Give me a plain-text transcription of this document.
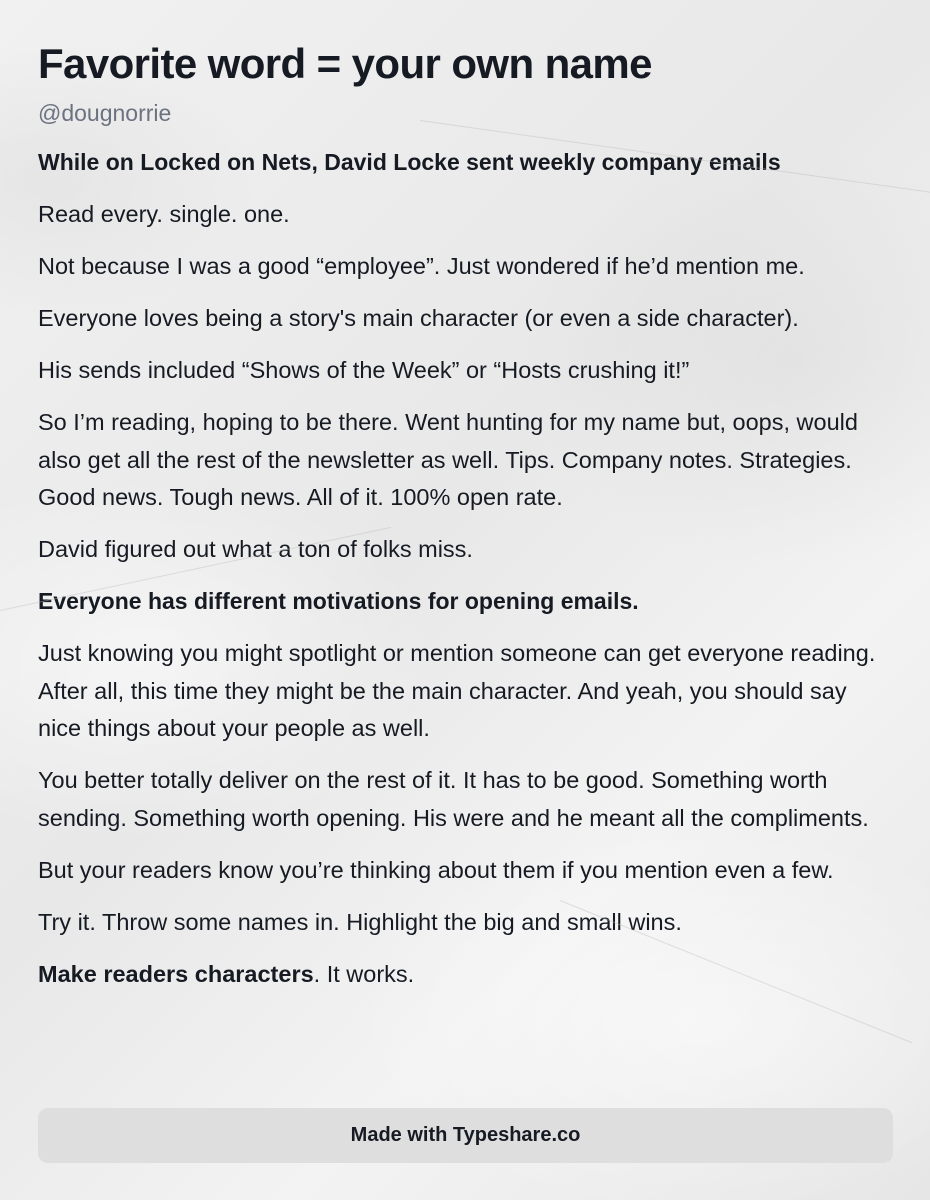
Favorite word = your own name
@dougnorrie

While on Locked on Nets, David Locke sent weekly company emails

Read every. single. one.

Not because I was a good “employee”. Just wondered if he’d mention me.

Everyone loves being a story's main character (or even a side character).

His sends included “Shows of the Week” or “Hosts crushing it!”

So I’m reading, hoping to be there. Went hunting for my name but, oops, would also get all the rest of the newsletter as well. Tips. Company notes. Strategies. Good news. Tough news. All of it. 100% open rate.

David figured out what a ton of folks miss.

Everyone has different motivations for opening emails.

Just knowing you might spotlight or mention someone can get everyone reading. After all, this time they might be the main character. And yeah, you should say nice things about your people as well.

You better totally deliver on the rest of it. It has to be good. Something worth sending. Something worth opening. His were and he meant all the compliments.

But your readers know you’re thinking about them if you mention even a few.

Try it. Throw some names in. Highlight the big and small wins.

Make readers characters. It works.

Made with Typeshare.co
